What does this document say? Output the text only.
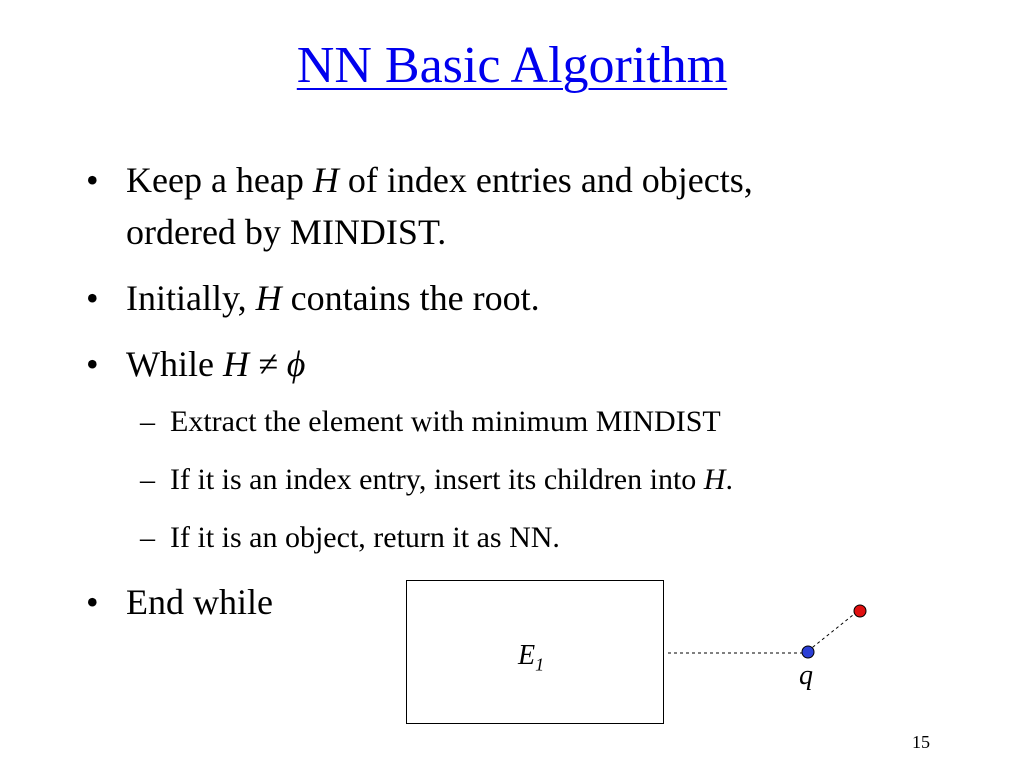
NN Basic Algorithm
• Keep a heap H of index entries and objects,
ordered by MINDIST.
• Initially, H contains the root.
• While H ≠ ϕ
– Extract the element with minimum MINDIST
– If it is an index entry, insert its children into H.
– If it is an object, return it as NN.
• End while
$E_1$	q
15
